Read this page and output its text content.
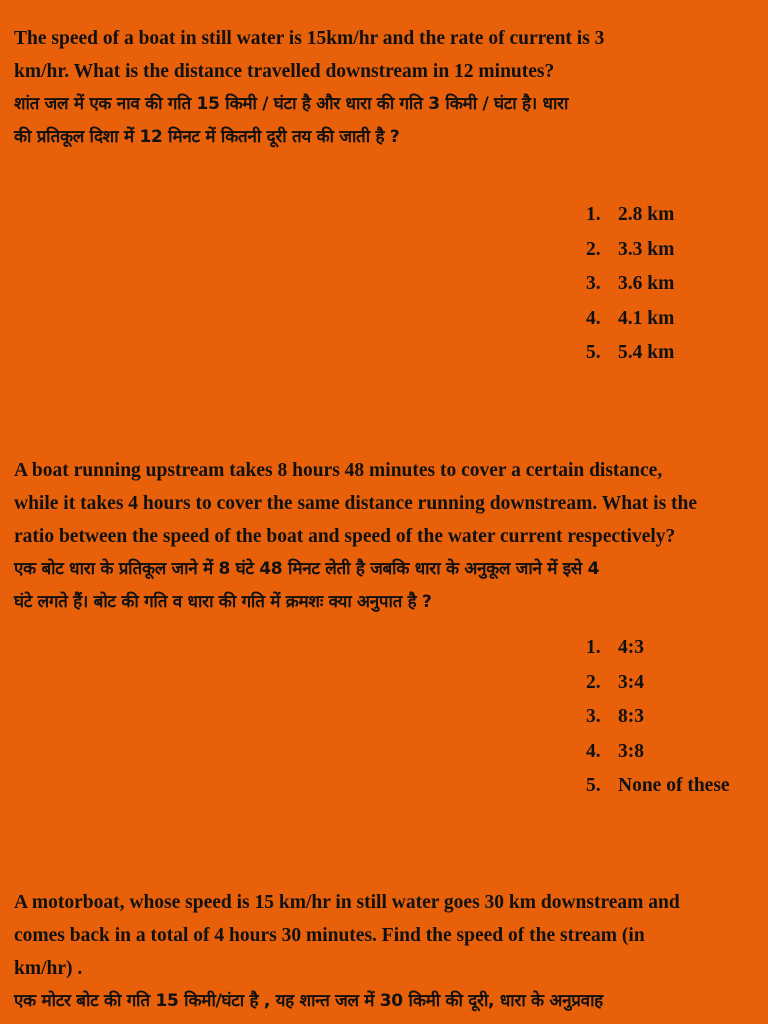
The speed of a boat in still water is 15km/hr and the rate of current is 3
km/hr. What is the distance travelled downstream in 12 minutes?
शांत जल में एक नाव की गति 15 किमी / घंटा है और धारा की गति 3 किमी / घंटा है। धारा
की प्रतिकूल दिशा में 12 मिनट में कितनी दूरी तय की जाती है ?
1. 2.8 km
2. 3.3 km
3. 3.6 km
4. 4.1 km
5. 5.4 km
A boat running upstream takes 8 hours 48 minutes to cover a certain distance,
while it takes 4 hours to cover the same distance running downstream. What is the
ratio between the speed of the boat and speed of the water current respectively?
एक बोट धारा के प्रतिकूल जाने में 8 घंटे 48 मिनट लेती है जबकि धारा के अनुकूल जाने में इसे 4
घंटे लगते हैं। बोट की गति व धारा की गति में क्रमशः क्या अनुपात है ?
1. 4:3
2. 3:4
3. 8:3
4. 3:8
5. None of these
A motorboat, whose speed is 15 km/hr in still water goes 30 km downstream and
comes back in a total of 4 hours 30 minutes. Find the speed of the stream (in
km/hr) .
एक मोटर बोट की गति 15 किमी/घंटा है , यह शान्त जल में 30 किमी की दूरी, धारा के अनुप्रवाह
